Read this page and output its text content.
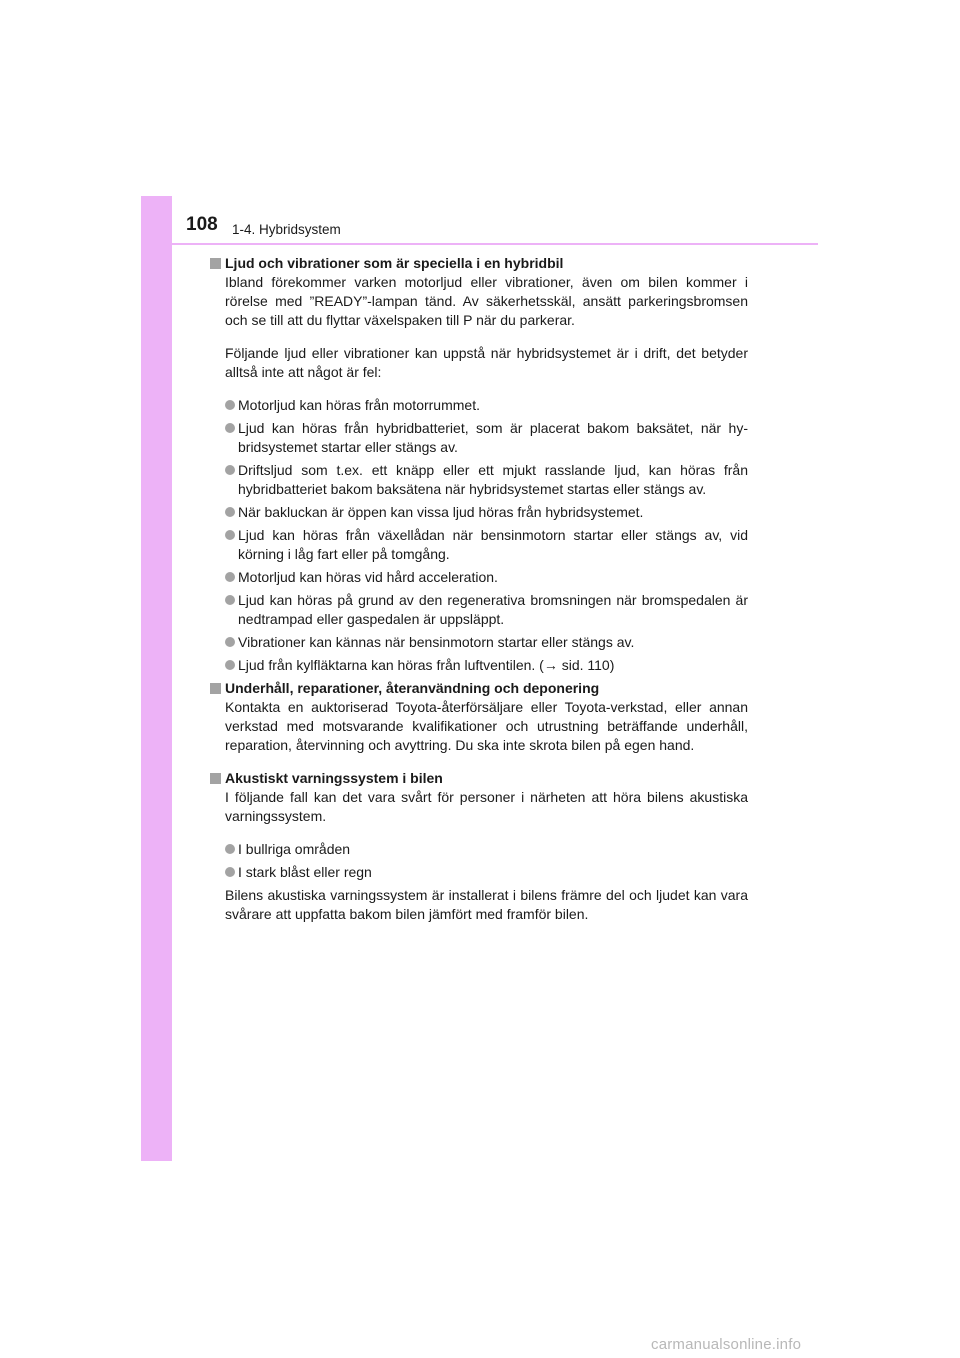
108 1-4. Hybridsystem
Ljud och vibrationer som är speciella i en hybridbil

Ibland förekommer varken motorljud eller vibrationer, även om bilen kommer i rörelse med ”READY”-lampan tänd. Av säkerhetsskäl, ansätt parkeringsbromsen och se till att du flyttar växelspaken till P när du parkerar.

Följande ljud eller vibrationer kan uppstå när hybridsystemet är i drift, det betyder alltså inte att något är fel:

Motorljud kan höras från motorrummet.
Ljud kan höras från hybridbatteriet, som är placerat bakom baksätet, när hybridsystemet startar eller stängs av.
Driftsljud som t.ex. ett knäpp eller ett mjukt rasslande ljud, kan höras från hybridbatteriet bakom baksätena när hybridsystemet startas eller stängs av.
När bakluckan är öppen kan vissa ljud höras från hybridsystemet.
Ljud kan höras från växellådan när bensinmotorn startar eller stängs av, vid körning i låg fart eller på tomgång.
Motorljud kan höras vid hård acceleration.
Ljud kan höras på grund av den regenerativa bromsningen när bromspedalen är nedtrampad eller gaspedalen är uppsläppt.
Vibrationer kan kännas när bensinmotorn startar eller stängs av.
Ljud från kylfläktarna kan höras från luftventilen. (→ sid. 110)
Underhåll, reparationer, återanvändning och deponering

Kontakta en auktoriserad Toyota-återförsäljare eller Toyota-verkstad, eller annan verkstad med motsvarande kvalifikationer och utrustning beträffande underhåll, reparation, återvinning och avyttring. Du ska inte skrota bilen på egen hand.

Akustiskt varningssystem i bilen

I följande fall kan det vara svårt för personer i närheten att höra bilens akustiska varningssystem.

I bullriga områden
I stark blåst eller regn

Bilens akustiska varningssystem är installerat i bilens främre del och ljudet kan vara svårare att uppfatta bakom bilen jämfört med framför bilen.

carmanualsonline.info
